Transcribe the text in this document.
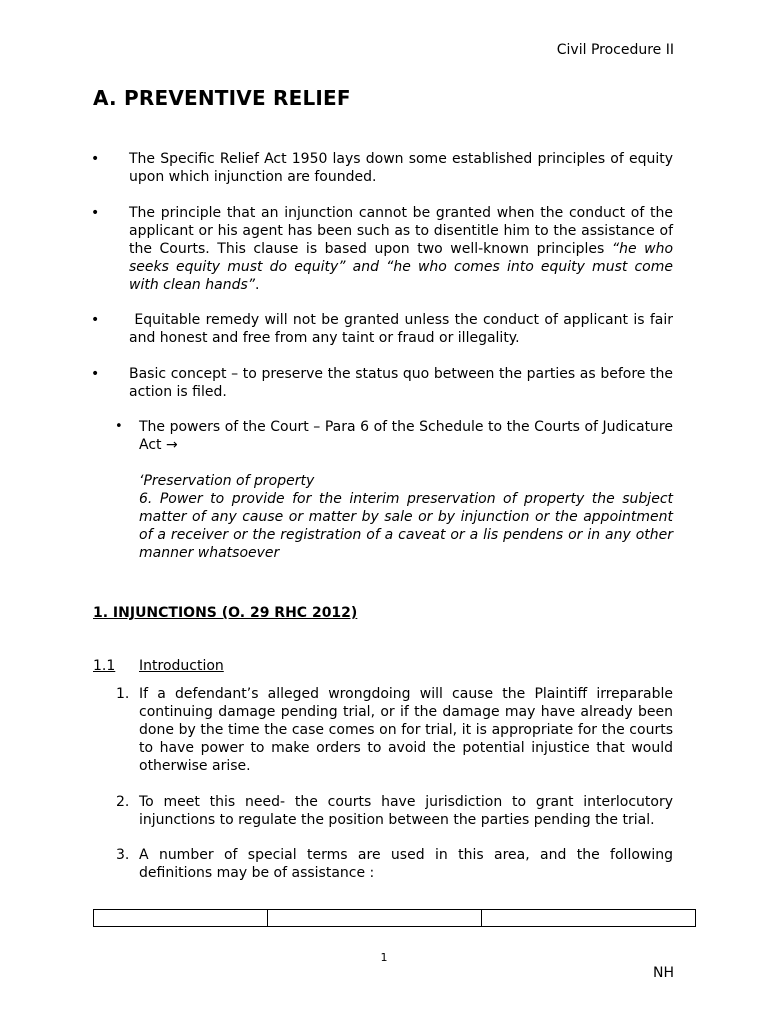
Civil Procedure II
A. PREVENTIVE RELIEF
• The Specific Relief Act 1950 lays down some established principles of equity upon which injunction are founded.
• The principle that an injunction cannot be granted when the conduct of the applicant or his agent has been such as to disentitle him to the assistance of the Courts. This clause is based upon two well-known principles “he who seeks equity must do equity” and “he who comes into equity must come with clean hands”.
• Equitable remedy will not be granted unless the conduct of applicant is fair and honest and free from any taint or fraud or illegality.
• Basic concept – to preserve the status quo between the parties as before the action is filed.
• The powers of the Court – Para 6 of the Schedule to the Courts of Judicature Act →
‘Preservation of property
6. Power to provide for the interim preservation of property the subject matter of any cause or matter by sale or by injunction or the appointment of a receiver or the registration of a caveat or a lis pendens or in any other manner whatsoever
1. INJUNCTIONS (O. 29 RHC 2012)
1.1 Introduction
1. If a defendant’s alleged wrongdoing will cause the Plaintiff irreparable continuing damage pending trial, or if the damage may have already been done by the time the case comes on for trial, it is appropriate for the courts to have power to make orders to avoid the potential injustice that would otherwise arise.
2. To meet this need- the courts have jurisdiction to grant interlocutory injunctions to regulate the position between the parties pending the trial.
3. A number of special terms are used in this area, and the following definitions may be of assistance :
1
NH
